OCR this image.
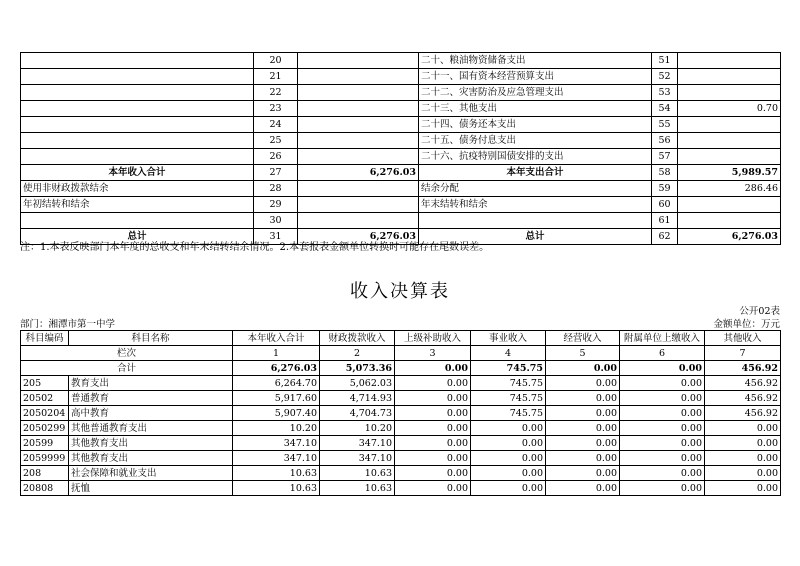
	20		二十、粮油物资储备支出	51	
	21		二十一、国有资本经营预算支出	52	
	22		二十二、灾害防治及应急管理支出	53	
	23		二十三、其他支出	54	0.70
	24		二十四、债务还本支出	55	
	25		二十五、债务付息支出	56	
	26		二十六、抗疫特别国债安排的支出	57	
本年收入合计	27	6,276.03	本年支出合计	58	5,989.57
使用非财政拨款结余	28		结余分配	59	286.46
年初结转和结余	29		年末结转和结余	60	
	30			61	
总计	31	6,276.03	总计	62	6,276.03
注：1.本表反映部门本年度的总收支和年末结转结余情况。2.本套报表金额单位转换时可能存在尾数误差。
收入决算表
公开02表
部门：湘潭市第一中学	金额单位：万元
科目编码	科目名称	本年收入合计	财政拨款收入	上级补助收入	事业收入	经营收入	附属单位上缴收入	其他收入
栏次		1	2	3	4	5	6	7
合计		6,276.03	5,073.36	0.00	745.75	0.00	0.00	456.92
205	教育支出	6,264.70	5,062.03	0.00	745.75	0.00	0.00	456.92
20502	普通教育	5,917.60	4,714.93	0.00	745.75	0.00	0.00	456.92
2050204	高中教育	5,907.40	4,704.73	0.00	745.75	0.00	0.00	456.92
2050299	其他普通教育支出	10.20	10.20	0.00	0.00	0.00	0.00	0.00
20599	其他教育支出	347.10	347.10	0.00	0.00	0.00	0.00	0.00
2059999	其他教育支出	347.10	347.10	0.00	0.00	0.00	0.00	0.00
208	社会保障和就业支出	10.63	10.63	0.00	0.00	0.00	0.00	0.00
20808	抚恤	10.63	10.63	0.00	0.00	0.00	0.00	0.00
